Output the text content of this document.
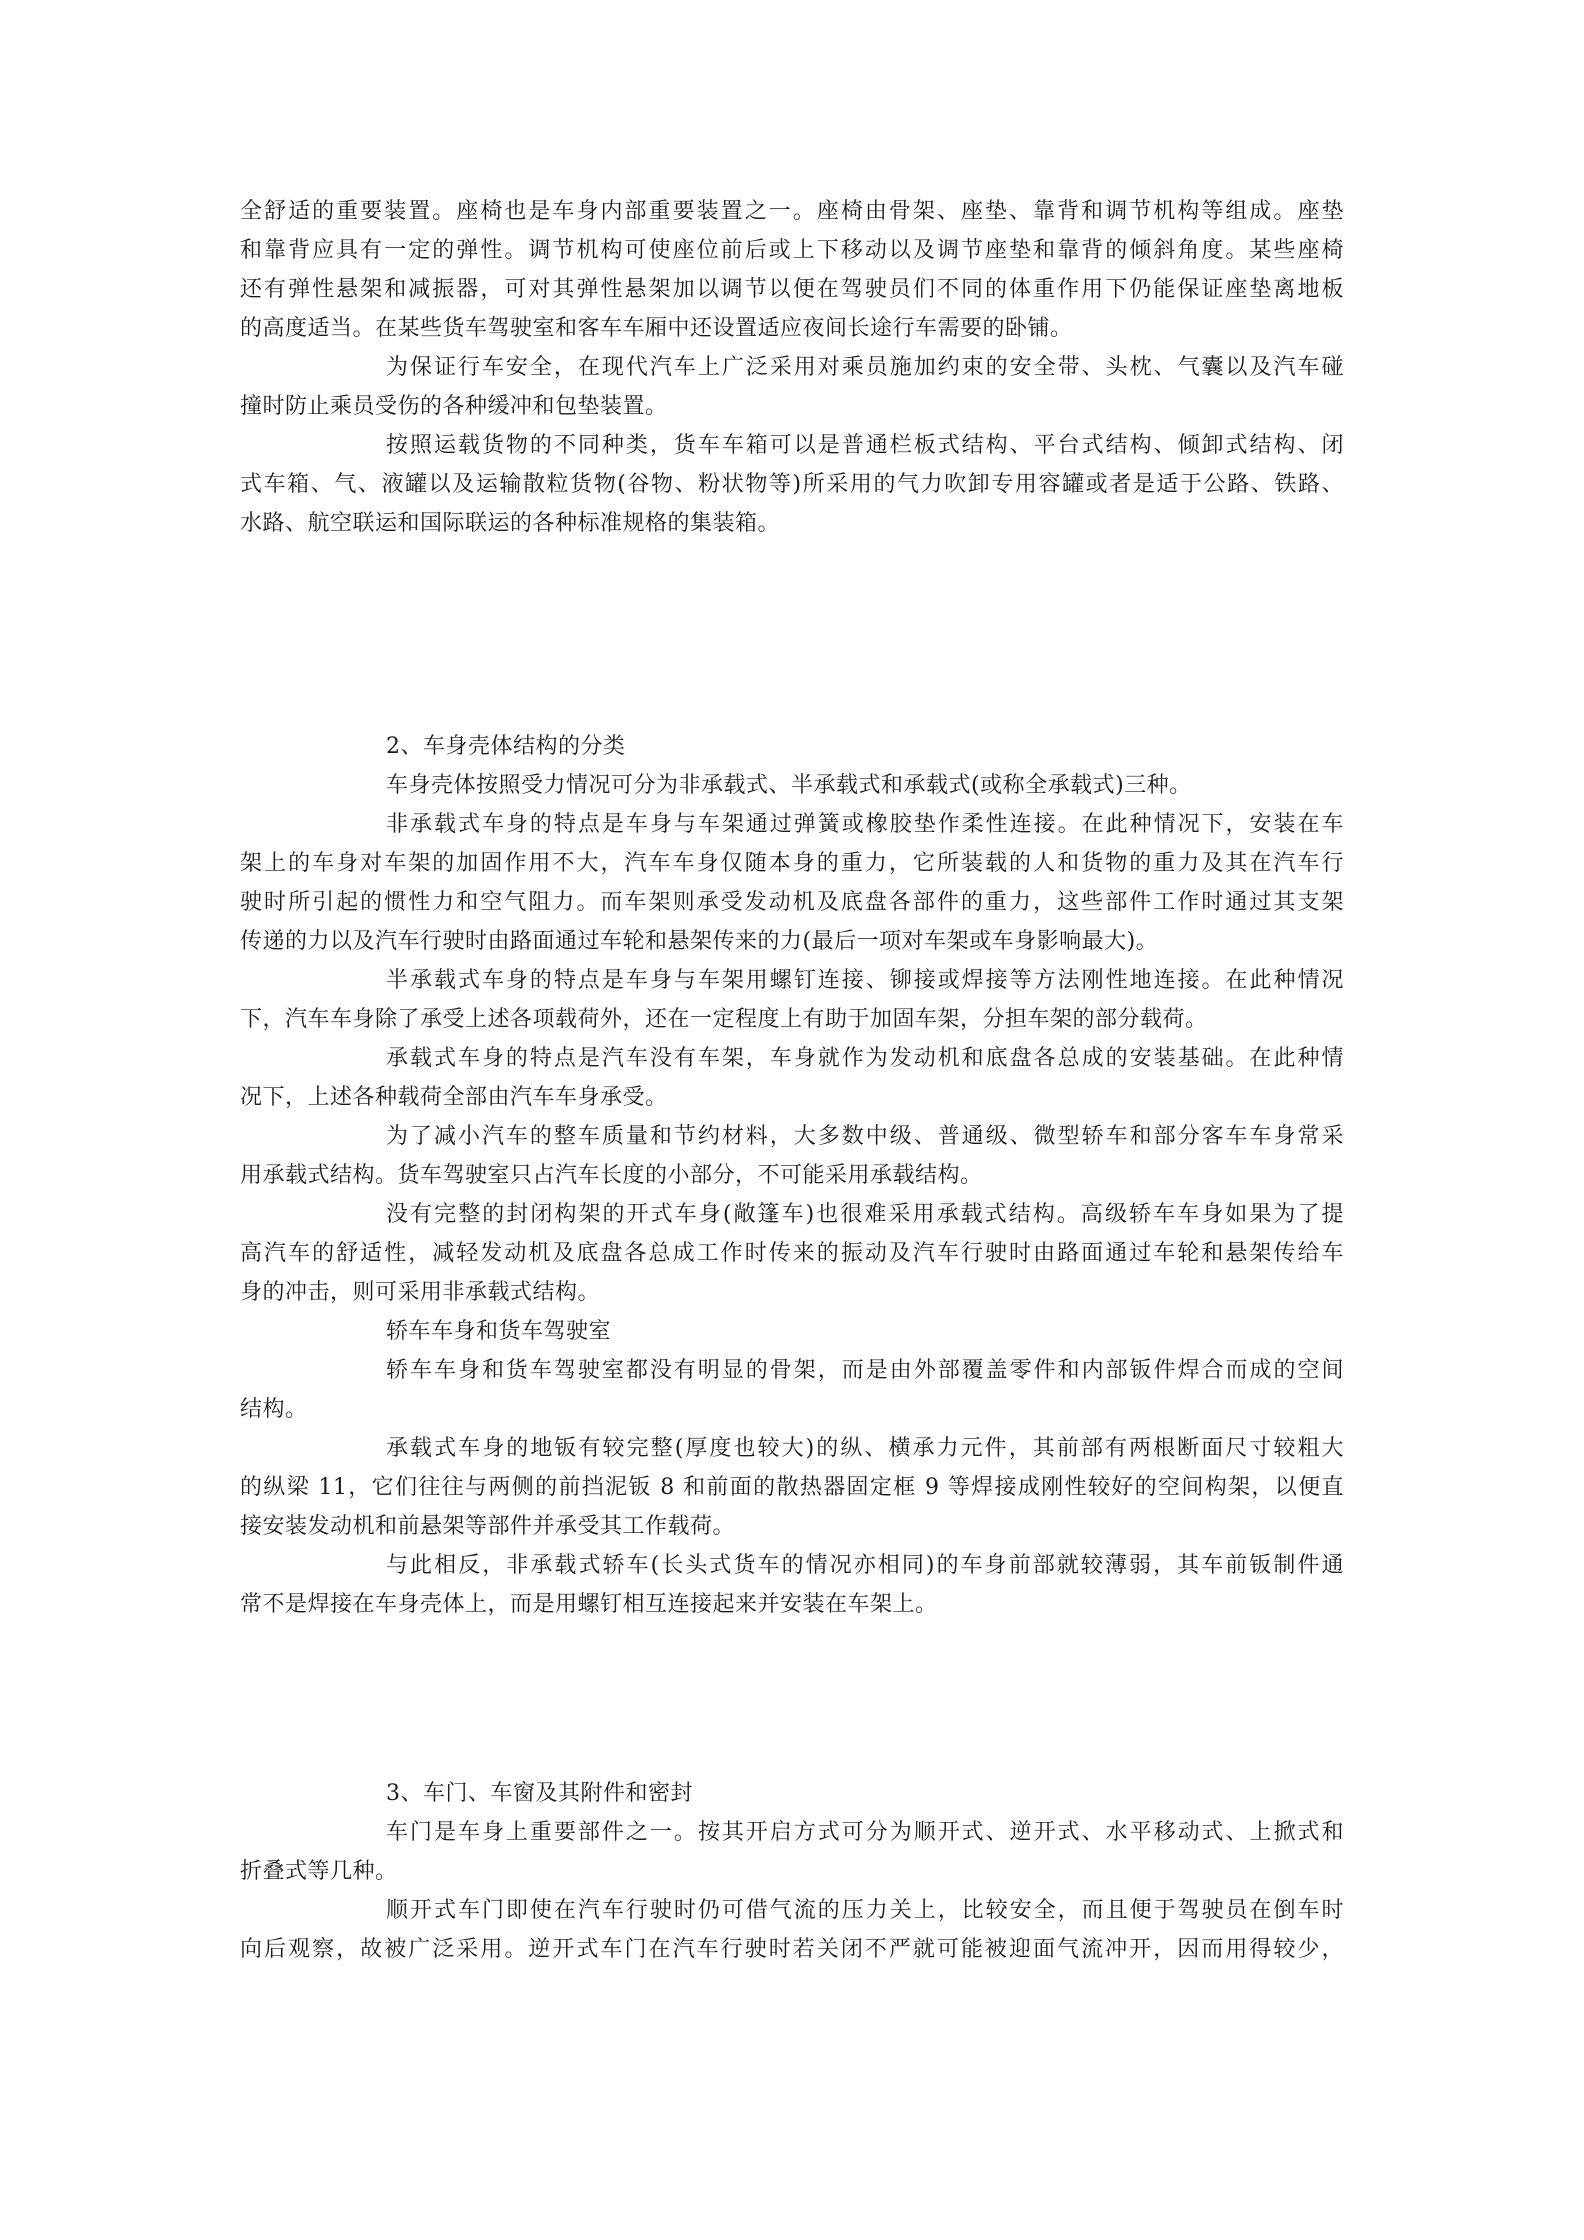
全舒适的重要装置。座椅也是车身内部重要装置之一。座椅由骨架、座垫、靠背和调节机构等组成。座垫
和靠背应具有一定的弹性。调节机构可使座位前后或上下移动以及调节座垫和靠背的倾斜角度。某些座椅
还有弹性悬架和减振器，可对其弹性悬架加以调节以便在驾驶员们不同的体重作用下仍能保证座垫离地板
的高度适当。在某些货车驾驶室和客车车厢中还设置适应夜间长途行车需要的卧铺。

为保证行车安全，在现代汽车上广泛采用对乘员施加约束的安全带、头枕、气囊以及汽车碰
撞时防止乘员受伤的各种缓冲和包垫装置。

按照运载货物的不同种类，货车车箱可以是普通栏板式结构、平台式结构、倾卸式结构、闭
式车箱、气、液罐以及运输散粒货物(谷物、粉状物等)所采用的气力吹卸专用容罐或者是适于公路、铁路、
水路、航空联运和国际联运的各种标准规格的集装箱。

2、车身壳体结构的分类

车身壳体按照受力情况可分为非承载式、半承载式和承载式(或称全承载式)三种。

非承载式车身的特点是车身与车架通过弹簧或橡胶垫作柔性连接。在此种情况下，安装在车
架上的车身对车架的加固作用不大，汽车车身仅随本身的重力，它所装载的人和货物的重力及其在汽车行
驶时所引起的惯性力和空气阻力。而车架则承受发动机及底盘各部件的重力，这些部件工作时通过其支架
传递的力以及汽车行驶时由路面通过车轮和悬架传来的力(最后一项对车架或车身影响最大)。

半承载式车身的特点是车身与车架用螺钉连接、铆接或焊接等方法刚性地连接。在此种情况
下，汽车车身除了承受上述各项载荷外，还在一定程度上有助于加固车架，分担车架的部分载荷。

承载式车身的特点是汽车没有车架，车身就作为发动机和底盘各总成的安装基础。在此种情
况下，上述各种载荷全部由汽车车身承受。

为了减小汽车的整车质量和节约材料，大多数中级、普通级、微型轿车和部分客车车身常采
用承载式结构。货车驾驶室只占汽车长度的小部分，不可能采用承载结构。

没有完整的封闭构架的开式车身(敞篷车)也很难采用承载式结构。高级轿车车身如果为了提
高汽车的舒适性，减轻发动机及底盘各总成工作时传来的振动及汽车行驶时由路面通过车轮和悬架传给车
身的冲击，则可采用非承载式结构。

轿车车身和货车驾驶室

轿车车身和货车驾驶室都没有明显的骨架，而是由外部覆盖零件和内部钣件焊合而成的空间
结构。

承载式车身的地钣有较完整(厚度也较大)的纵、横承力元件，其前部有两根断面尺寸较粗大
的纵梁 11，它们往往与两侧的前挡泥钣 8 和前面的散热器固定框 9 等焊接成刚性较好的空间构架，以便直
接安装发动机和前悬架等部件并承受其工作载荷。

与此相反，非承载式轿车(长头式货车的情况亦相同)的车身前部就较薄弱，其车前钣制件通
常不是焊接在车身壳体上，而是用螺钉相互连接起来并安装在车架上。

3、车门、车窗及其附件和密封

车门是车身上重要部件之一。按其开启方式可分为顺开式、逆开式、水平移动式、上掀式和
折叠式等几种。

顺开式车门即使在汽车行驶时仍可借气流的压力关上，比较安全，而且便于驾驶员在倒车时
向后观察，故被广泛采用。逆开式车门在汽车行驶时若关闭不严就可能被迎面气流冲开，因而用得较少，
